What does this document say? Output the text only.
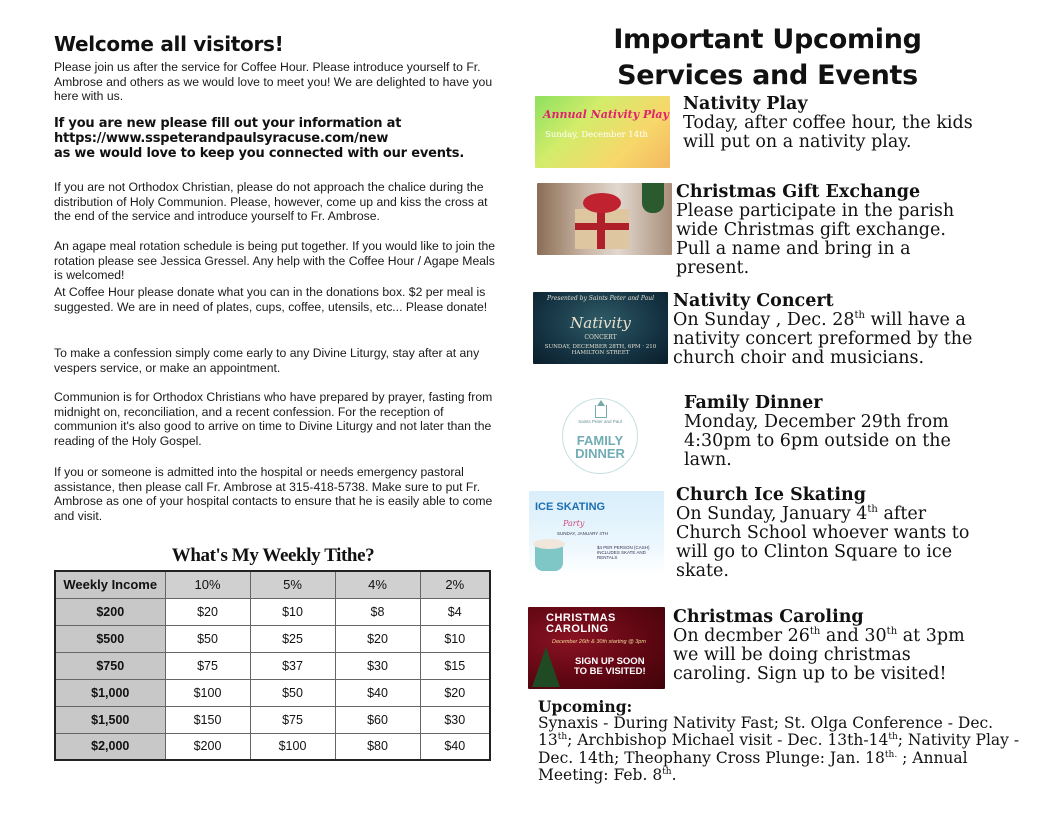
Welcome all visitors!
Please join us after the service for Coffee Hour. Please introduce yourself to Fr. Ambrose and others as we would love to meet you! We are delighted to have you here with us.
If you are new please fill out your information at
https://www.sspeterandpaulsyracuse.com/new
as we would love to keep you connected with our events.
If you are not Orthodox Christian, please do not approach the chalice during the distribution of Holy Communion. Please, however, come up and kiss the cross at the end of the service and introduce yourself to Fr. Ambrose.
An agape meal rotation schedule is being put together. If you would like to join the rotation please see Jessica Gressel. Any help with the Coffee Hour / Agape Meals is welcomed!
At Coffee Hour please donate what you can in the donations box. $2 per meal is suggested. We are in need of plates, cups, coffee, utensils, etc... Please donate!
To make a confession simply come early to any Divine Liturgy, stay after at any vespers service, or make an appointment.
Communion is for Orthodox Christians who have prepared by prayer, fasting from midnight on, reconciliation, and a recent confession. For the reception of communion it's also good to arrive on time to Divine Liturgy and not later than the reading of the Holy Gospel.
If you or someone is admitted into the hospital or needs emergency pastoral assistance, then please call Fr. Ambrose at 315-418-5738. Make sure to put Fr. Ambrose as one of your hospital contacts to ensure that he is easily able to come and visit.
What's My Weekly Tithe?
Weekly Income	10%	5%	4%	2%
$200	$20	$10	$8	$4
$500	$50	$25	$20	$10
$750	$75	$37	$30	$15
$1,000	$100	$50	$40	$20
$1,500	$150	$75	$60	$30
$2,000	$200	$100	$80	$40
Important Upcoming
Services and Events
Annual Nativity Play
Sunday, December 14th
Nativity Play
Today, after coffee hour, the kids will put on a nativity play.
Christmas Gift Exchange
Please participate in the parish wide Christmas gift exchange. Pull a name and bring in a present.
Presented by Saints Peter and Paul
Nativity
CONCERT
SUNDAY, DECEMBER 28TH, 6PM · 210 HAMILTON STREET
Nativity Concert
On Sunday , Dec. 28th will have a nativity concert preformed by the church choir and musicians.
Saints Peter and Paul
FAMILY
DINNER
Family Dinner
Monday, December 29th from 4:30pm to 6pm outside on the lawn.
ICE SKATING
Party
SUNDAY, JANUARY 4TH
$4 PER PERSON (CASH) INCLUDES SKATE AND RENTALS
Church Ice Skating
On Sunday, January 4th after Church School whoever wants to will go to Clinton Square to ice skate.
CHRISTMAS
CAROLING
December 26th & 30th starting @ 3pm
SIGN UP SOON
TO BE VISITED!
Christmas Caroling
On decmber 26th and 30th at 3pm we will be doing christmas caroling. Sign up to be visited!
Upcoming:
Synaxis - During Nativity Fast; St. Olga Conference - Dec. 13th; Archbishop Michael visit - Dec. 13th-14th; Nativity Play - Dec. 14th; Theophany Cross Plunge: Jan. $18^{th.}$ ; Annual Meeting: Feb. 8th.
